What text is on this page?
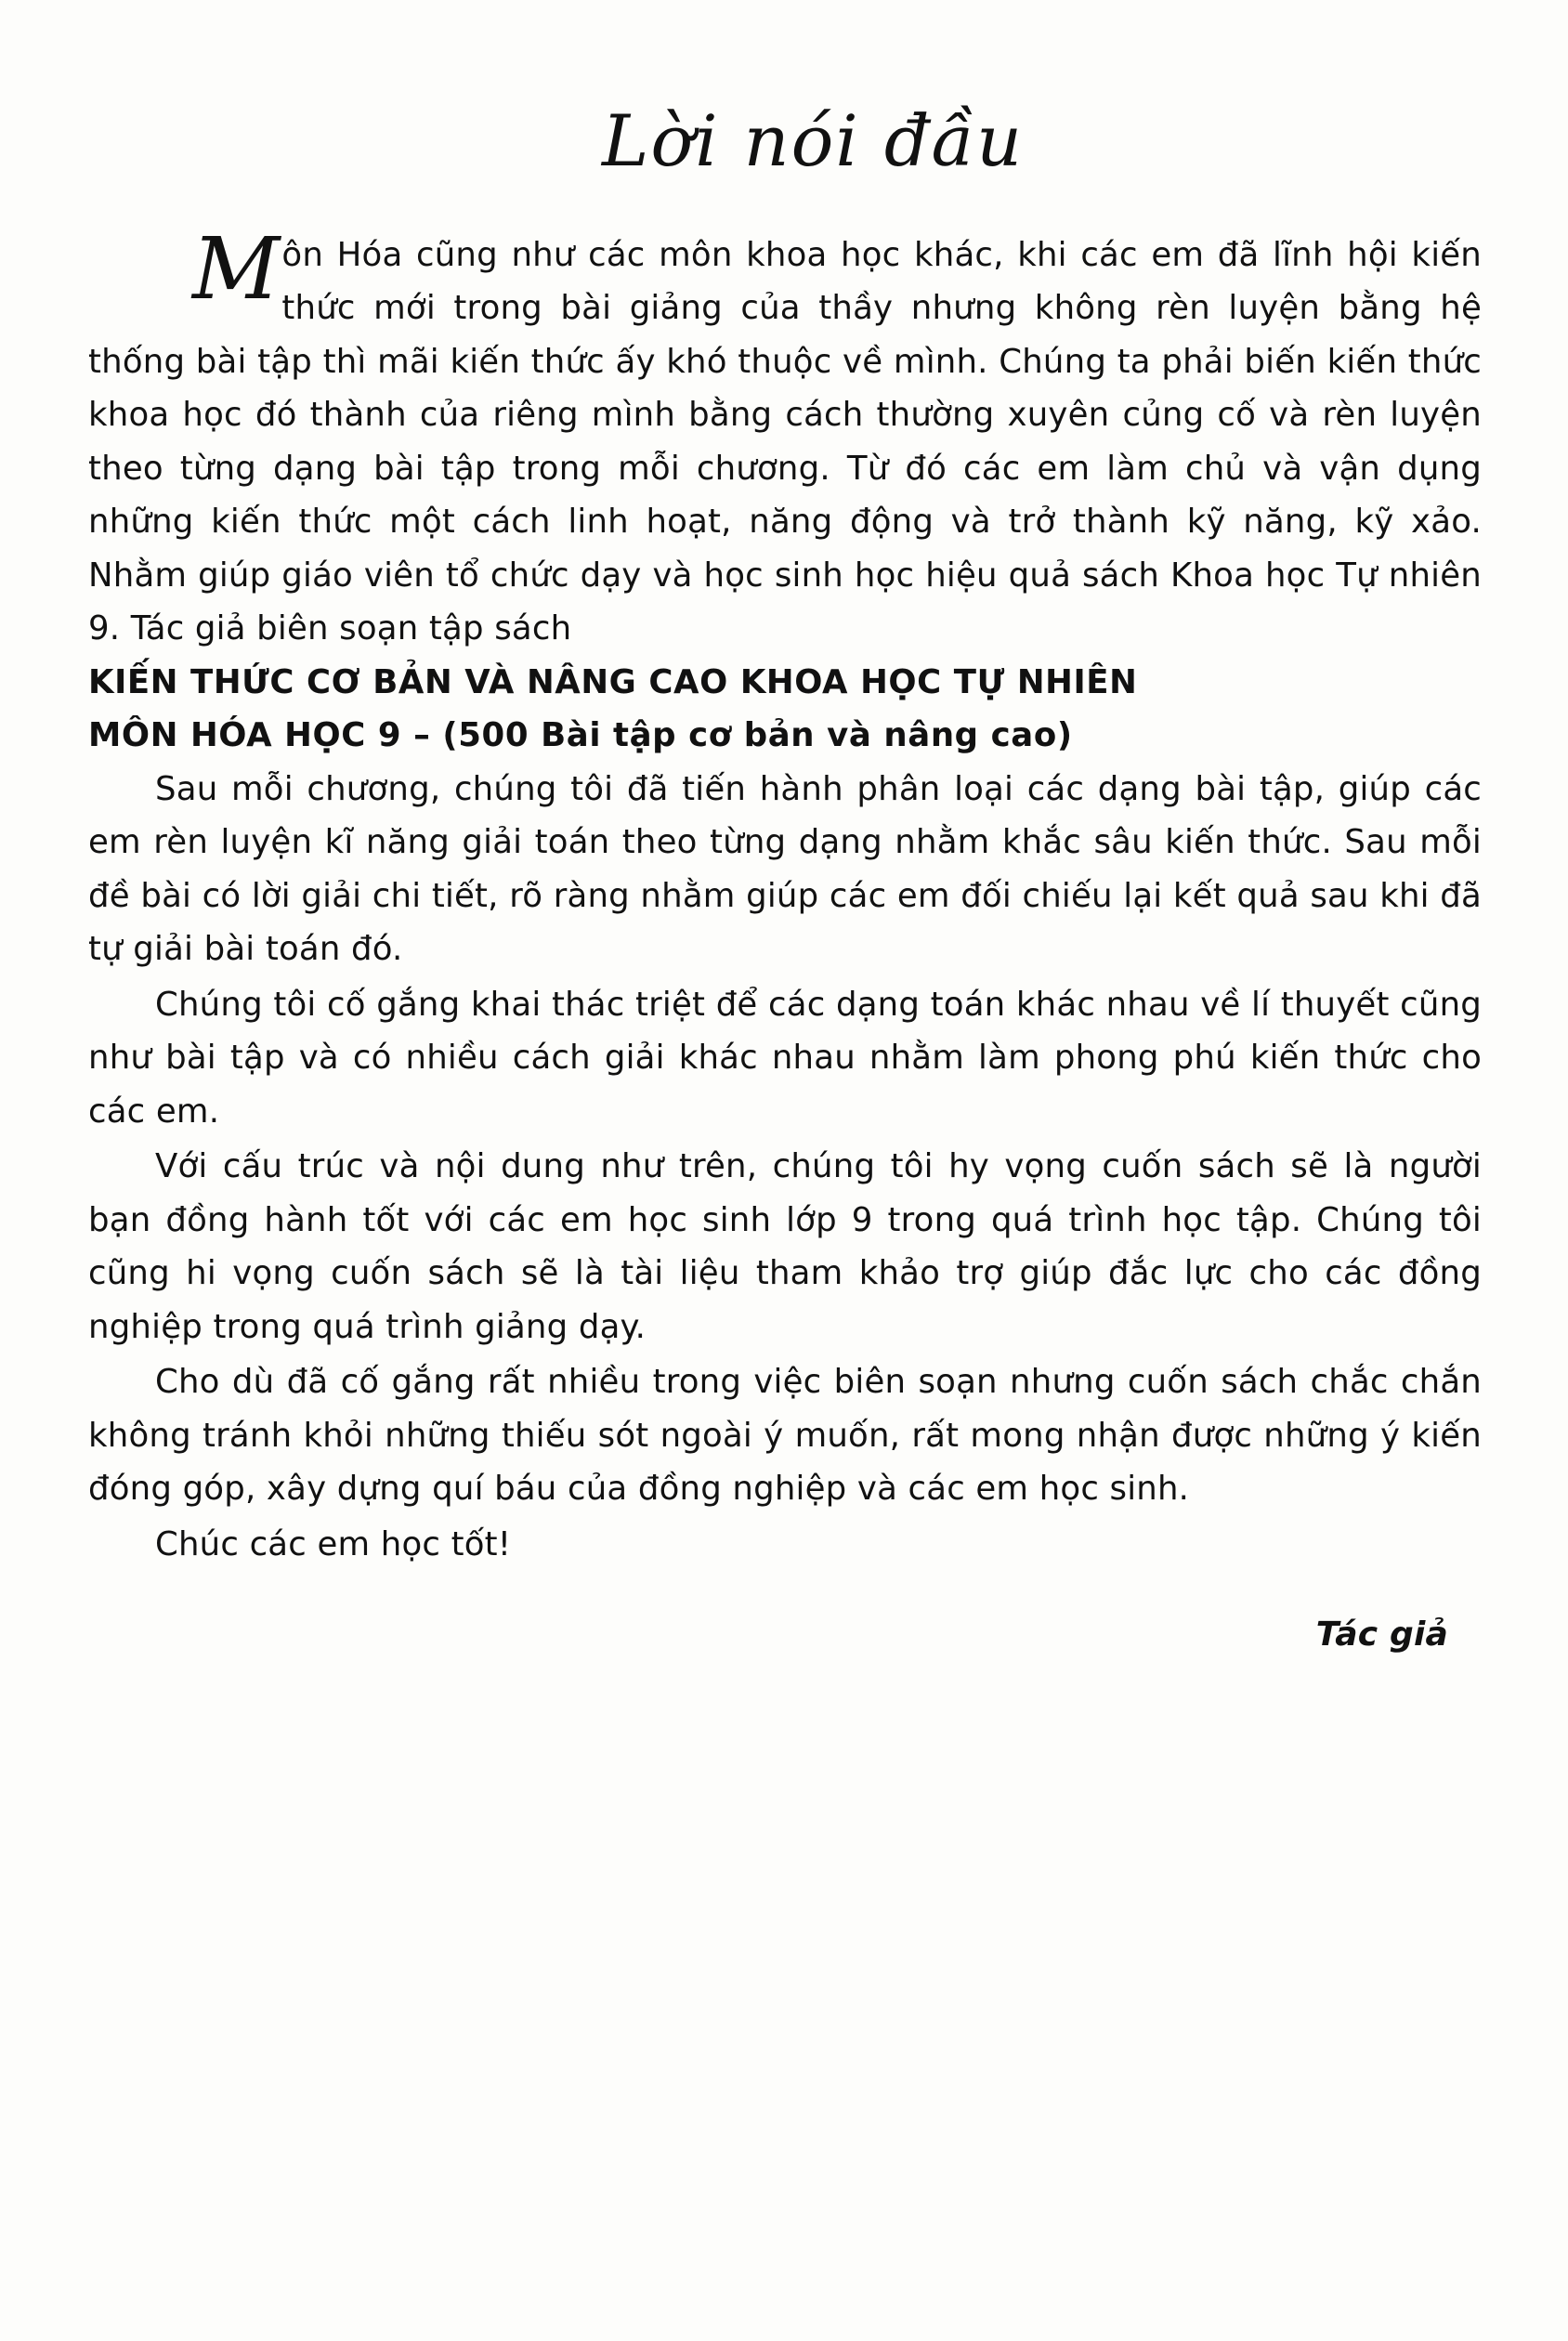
Lời nói đầu

Môn Hóa cũng như các môn khoa học khác, khi các em đã lĩnh hội kiến thức mới trong bài giảng của thầy nhưng không rèn luyện bằng hệ thống bài tập thì mãi kiến thức ấy khó thuộc về mình. Chúng ta phải biến kiến thức khoa học đó thành của riêng mình bằng cách thường xuyên củng cố và rèn luyện theo từng dạng bài tập trong mỗi chương. Từ đó các em làm chủ và vận dụng những kiến thức một cách linh hoạt, năng động và trở thành kỹ năng, kỹ xảo. Nhằm giúp giáo viên tổ chức dạy và học sinh học hiệu quả sách Khoa học Tự nhiên 9. Tác giả biên soạn tập sách

KIẾN THỨC CƠ BẢN VÀ NÂNG CAO KHOA HỌC TỰ NHIÊN

MÔN HÓA HỌC 9 – (500 Bài tập cơ bản và nâng cao)

Sau mỗi chương, chúng tôi đã tiến hành phân loại các dạng bài tập, giúp các em rèn luyện kĩ năng giải toán theo từng dạng nhằm khắc sâu kiến thức. Sau mỗi đề bài có lời giải chi tiết, rõ ràng nhằm giúp các em đối chiếu lại kết quả sau khi đã tự giải bài toán đó.

Chúng tôi cố gắng khai thác triệt để các dạng toán khác nhau về lí thuyết cũng như bài tập và có nhiều cách giải khác nhau nhằm làm phong phú kiến thức cho các em.

Với cấu trúc và nội dung như trên, chúng tôi hy vọng cuốn sách sẽ là người bạn đồng hành tốt với các em học sinh lớp 9 trong quá trình học tập. Chúng tôi cũng hi vọng cuốn sách sẽ là tài liệu tham khảo trợ giúp đắc lực cho các đồng nghiệp trong quá trình giảng dạy.

Cho dù đã cố gắng rất nhiều trong việc biên soạn nhưng cuốn sách chắc chắn không tránh khỏi những thiếu sót ngoài ý muốn, rất mong nhận được những ý kiến đóng góp, xây dựng quí báu của đồng nghiệp và các em học sinh.

Chúc các em học tốt!

Tác giả
